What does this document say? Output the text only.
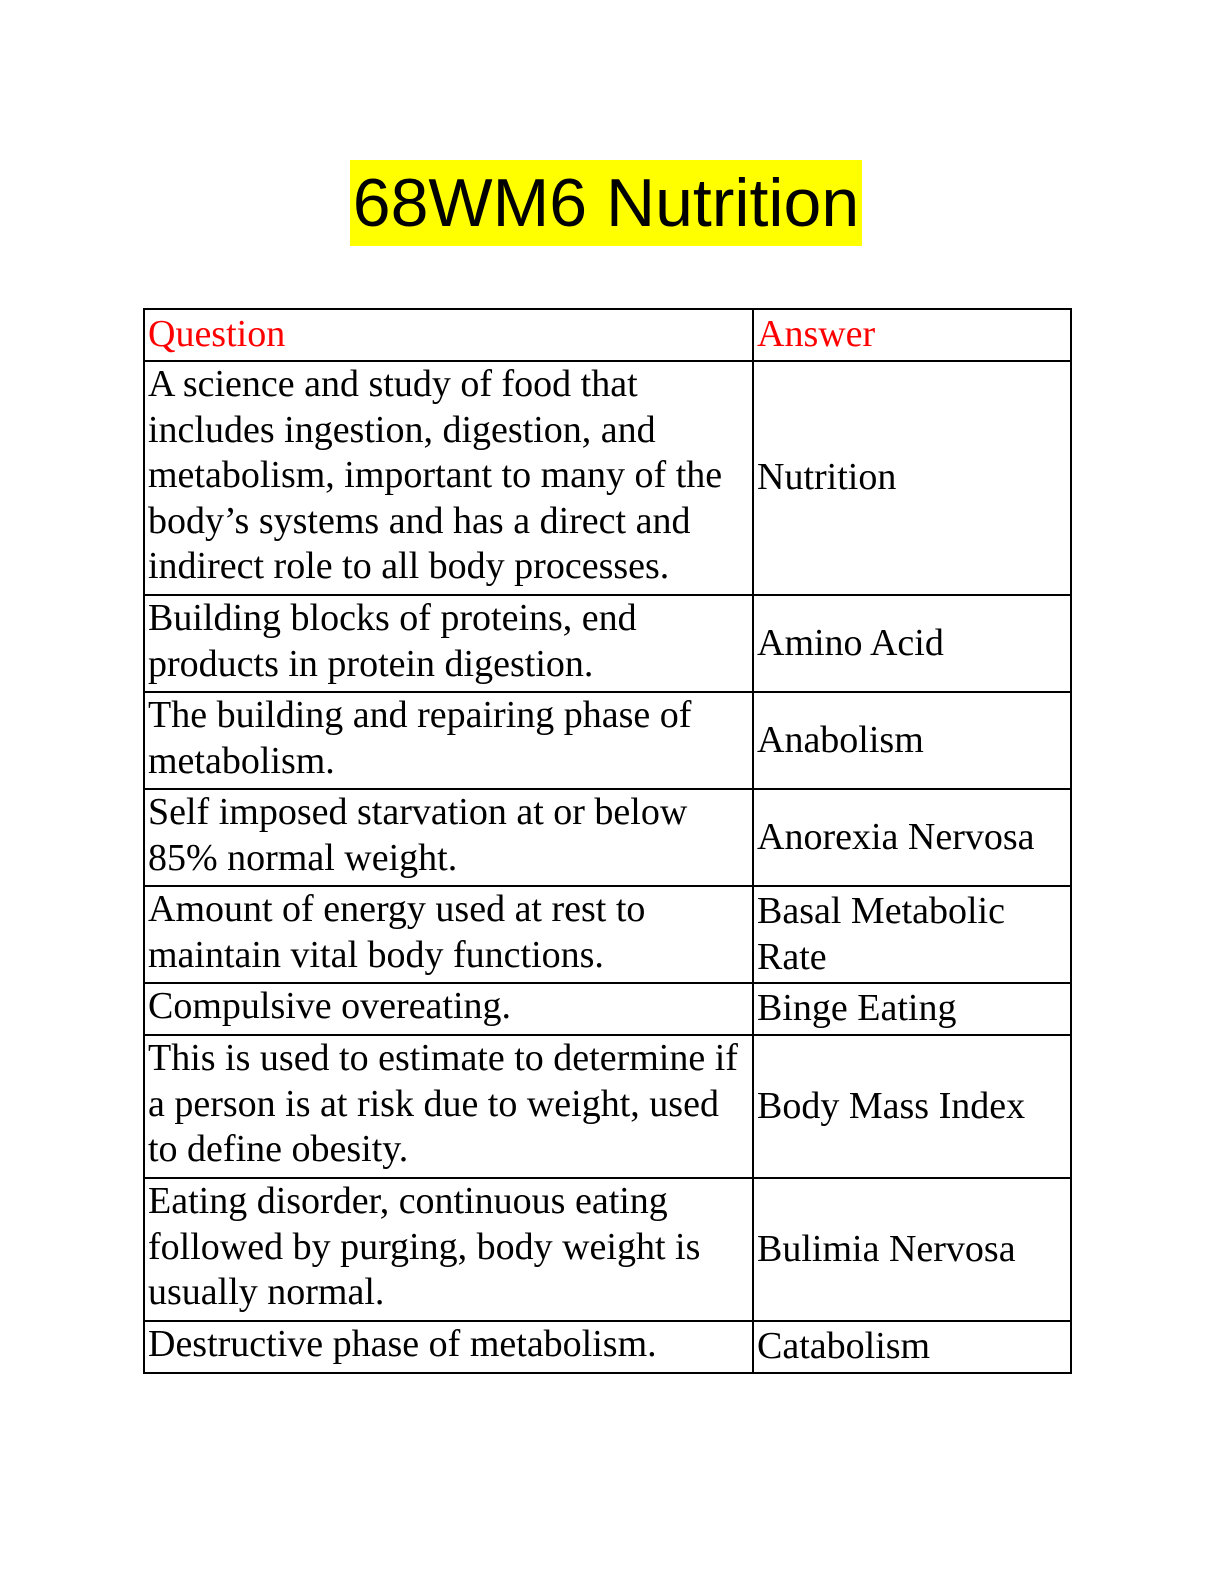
68WM6 Nutrition
Question	Answer
A science and study of food that includes ingestion, digestion, and metabolism, important to many of the body’s systems and has a direct and indirect role to all body processes.	Nutrition
Building blocks of proteins, end products in protein digestion.	Amino Acid
The building and repairing phase of metabolism.	Anabolism
Self imposed starvation at or below 85% normal weight.	Anorexia Nervosa
Amount of energy used at rest to maintain vital body functions.	Basal Metabolic Rate
Compulsive overeating.	Binge Eating
This is used to estimate to determine if a person is at risk due to weight, used to define obesity.	Body Mass Index
Eating disorder, continuous eating followed by purging, body weight is usually normal.	Bulimia Nervosa
Destructive phase of metabolism.	Catabolism
